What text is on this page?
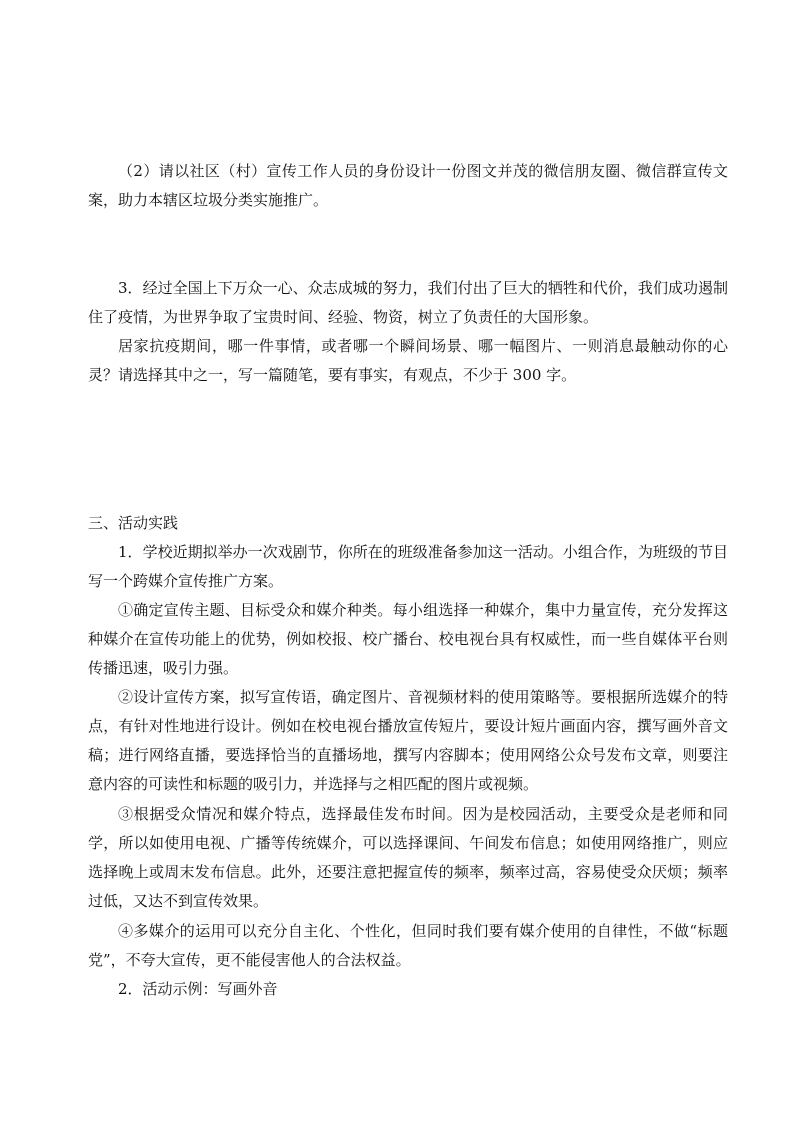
（2）请以社区（村）宣传工作人员的身份设计一份图文并茂的微信朋友圈、微信群宣传文案，助力本辖区垃圾分类实施推广。

3．经过全国上下万众一心、众志成城的努力，我们付出了巨大的牺牲和代价，我们成功遏制住了疫情，为世界争取了宝贵时间、经验、物资，树立了负责任的大国形象。

居家抗疫期间，哪一件事情，或者哪一个瞬间场景、哪一幅图片、一则消息最触动你的心灵？请选择其中之一，写一篇随笔，要有事实，有观点，不少于 300 字。

三、活动实践

1．学校近期拟举办一次戏剧节，你所在的班级准备参加这一活动。小组合作，为班级的节目写一个跨媒介宣传推广方案。

①确定宣传主题、目标受众和媒介种类。每小组选择一种媒介，集中力量宣传，充分发挥这种媒介在宣传功能上的优势，例如校报、校广播台、校电视台具有权威性，而一些自媒体平台则传播迅速，吸引力强。

②设计宣传方案，拟写宣传语，确定图片、音视频材料的使用策略等。要根据所选媒介的特点，有针对性地进行设计。例如在校电视台播放宣传短片，要设计短片画面内容，撰写画外音文稿；进行网络直播，要选择恰当的直播场地，撰写内容脚本；使用网络公众号发布文章，则要注意内容的可读性和标题的吸引力，并选择与之相匹配的图片或视频。

③根据受众情况和媒介特点，选择最佳发布时间。因为是校园活动，主要受众是老师和同学，所以如使用电视、广播等传统媒介，可以选择课间、午间发布信息；如使用网络推广，则应选择晚上或周末发布信息。此外，还要注意把握宣传的频率，频率过高，容易使受众厌烦；频率过低，又达不到宣传效果。

④多媒介的运用可以充分自主化、个性化，但同时我们要有媒介使用的自律性，不做“标题党”，不夸大宣传，更不能侵害他人的合法权益。

2．活动示例：写画外音
